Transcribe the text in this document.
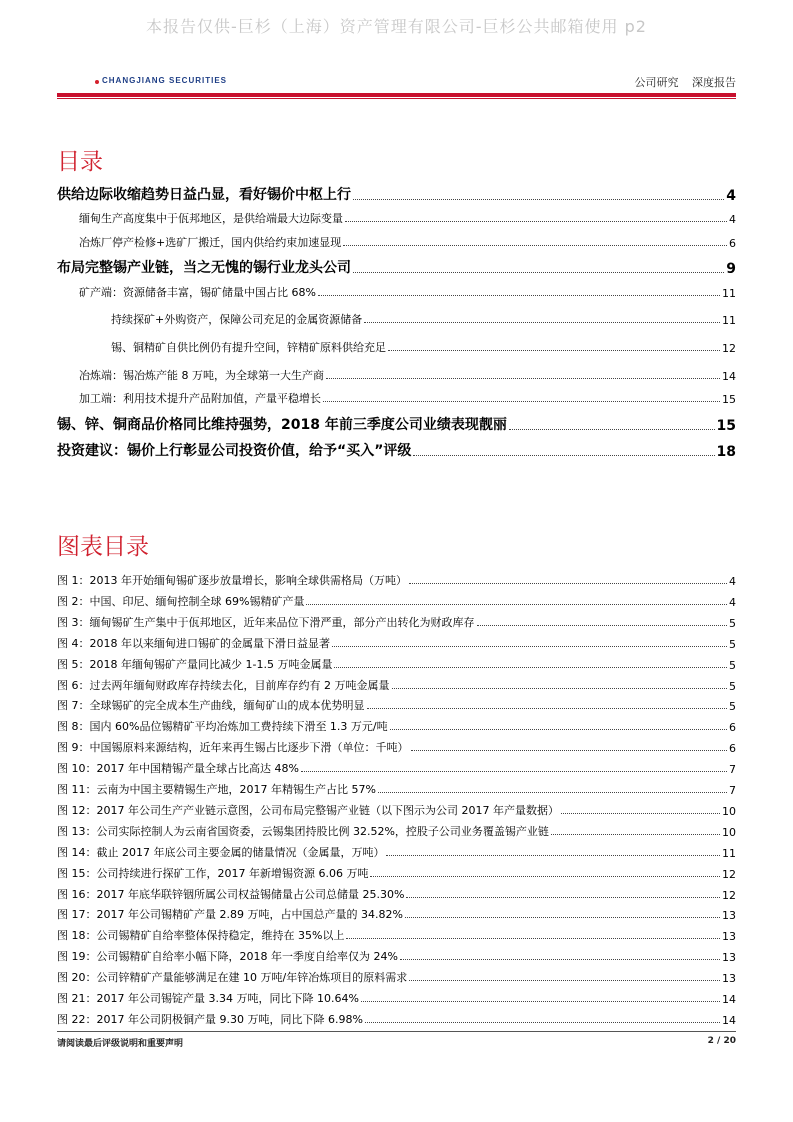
本报告仅供-巨杉（上海）资产管理有限公司-巨杉公共邮箱使用 p2
CHANGJIANG SECURITIES	公司研究 深度报告
目录
供给边际收缩趋势日益凸显，看好锡价中枢上行	4
缅甸生产高度集中于佤邦地区，是供给端最大边际变量	4
冶炼厂停产检修+选矿厂搬迁，国内供给约束加速显现	6
布局完整锡产业链，当之无愧的锡行业龙头公司	9
矿产端：资源储备丰富，锡矿储量中国占比 68%	11
持续探矿+外购资产，保障公司充足的金属资源储备	11
锡、铜精矿自供比例仍有提升空间，锌精矿原料供给充足	12
冶炼端：锡冶炼产能 8 万吨，为全球第一大生产商	14
加工端：利用技术提升产品附加值，产量平稳增长	15
锡、锌、铜商品价格同比维持强势，2018 年前三季度公司业绩表现靓丽	15
投资建议：锡价上行彰显公司投资价值，给予“买入”评级	18
图表目录
图 1：2013 年开始缅甸锡矿逐步放量增长，影响全球供需格局（万吨）	4
图 2：中国、印尼、缅甸控制全球 69%锡精矿产量	4
图 3：缅甸锡矿生产集中于佤邦地区，近年来品位下滑严重，部分产出转化为财政库存	5
图 4：2018 年以来缅甸进口锡矿的金属量下滑日益显著	5
图 5：2018 年缅甸锡矿产量同比减少 1-1.5 万吨金属量	5
图 6：过去两年缅甸财政库存持续去化，目前库存约有 2 万吨金属量	5
图 7：全球锡矿的完全成本生产曲线，缅甸矿山的成本优势明显	5
图 8：国内 60%品位锡精矿平均冶炼加工费持续下滑至 1.3 万元/吨	6
图 9：中国锡原料来源结构，近年来再生锡占比逐步下滑（单位：千吨）	6
图 10：2017 年中国精锡产量全球占比高达 48%	7
图 11：云南为中国主要精锡生产地，2017 年精锡生产占比 57%	7
图 12：2017 年公司生产产业链示意图，公司布局完整锡产业链（以下图示为公司 2017 年产量数据）	10
图 13：公司实际控制人为云南省国资委，云锡集团持股比例 32.52%，控股子公司业务覆盖锡产业链	10
图 14：截止 2017 年底公司主要金属的储量情况（金属量，万吨）	11
图 15：公司持续进行探矿工作，2017 年新增锡资源 6.06 万吨	12
图 16：2017 年底华联锌铟所属公司权益锡储量占公司总储量 25.30%	12
图 17：2017 年公司锡精矿产量 2.89 万吨，占中国总产量的 34.82%	13
图 18：公司锡精矿自给率整体保持稳定，维持在 35%以上	13
图 19：公司锡精矿自给率小幅下降，2018 年一季度自给率仅为 24%	13
图 20：公司锌精矿产量能够满足在建 10 万吨/年锌冶炼项目的原料需求	13
图 21：2017 年公司锡锭产量 3.34 万吨，同比下降 10.64%	14
图 22：2017 年公司阴极铜产量 9.30 万吨，同比下降 6.98%	14
请阅读最后评级说明和重要声明	2 / 20
